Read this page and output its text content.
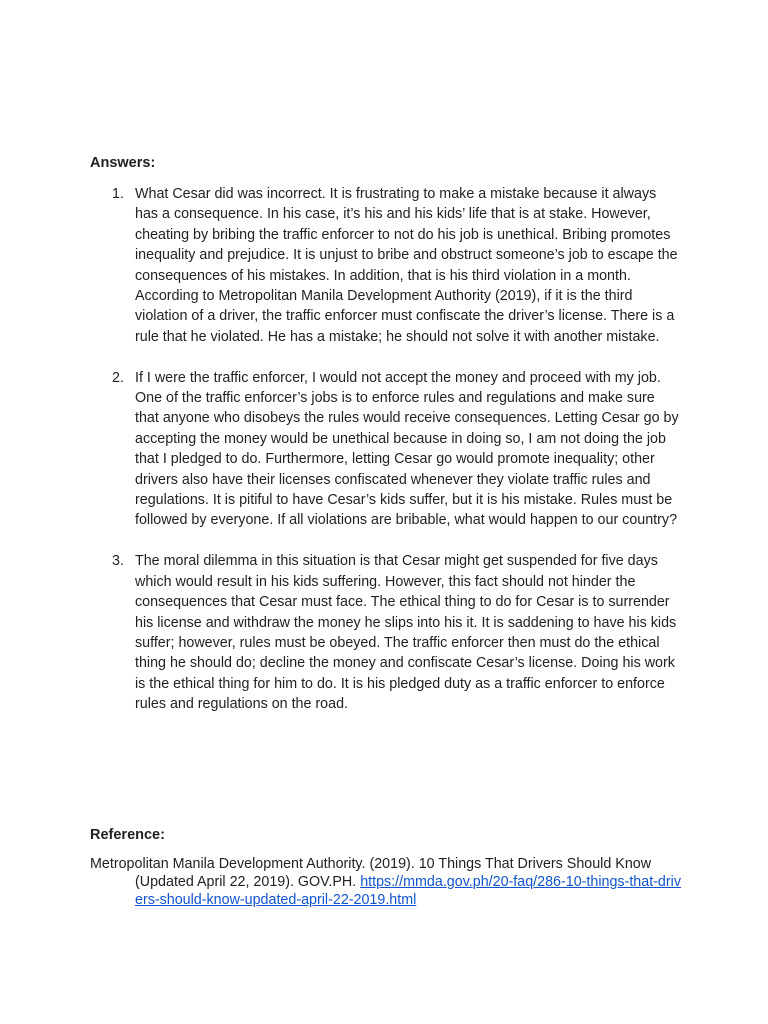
Answers:
1. What Cesar did was incorrect. It is frustrating to make a mistake because it always has a consequence. In his case, it’s his and his kids’ life that is at stake. However, cheating by bribing the traffic enforcer to not do his job is unethical. Bribing promotes inequality and prejudice. It is unjust to bribe and obstruct someone’s job to escape the consequences of his mistakes. In addition, that is his third violation in a month. According to Metropolitan Manila Development Authority (2019), if it is the third violation of a driver, the traffic enforcer must confiscate the driver’s license. There is a rule that he violated. He has a mistake; he should not solve it with another mistake.
2. If I were the traffic enforcer, I would not accept the money and proceed with my job. One of the traffic enforcer’s jobs is to enforce rules and regulations and make sure that anyone who disobeys the rules would receive consequences. Letting Cesar go by accepting the money would be unethical because in doing so, I am not doing the job that I pledged to do. Furthermore, letting Cesar go would promote inequality; other drivers also have their licenses confiscated whenever they violate traffic rules and regulations. It is pitiful to have Cesar’s kids suffer, but it is his mistake. Rules must be followed by everyone. If all violations are bribable, what would happen to our country?
3. The moral dilemma in this situation is that Cesar might get suspended for five days which would result in his kids suffering. However, this fact should not hinder the consequences that Cesar must face. The ethical thing to do for Cesar is to surrender his license and withdraw the money he slips into his it. It is saddening to have his kids suffer; however, rules must be obeyed. The traffic enforcer then must do the ethical thing he should do; decline the money and confiscate Cesar’s license. Doing his work is the ethical thing for him to do. It is his pledged duty as a traffic enforcer to enforce rules and regulations on the road.
Reference:
Metropolitan Manila Development Authority. (2019). 10 Things That Drivers Should Know (Updated April 22, 2019). GOV.PH. https://mmda.gov.ph/20-faq/286-10-things-that-drivers-should-know-updated-april-22-2019.html
